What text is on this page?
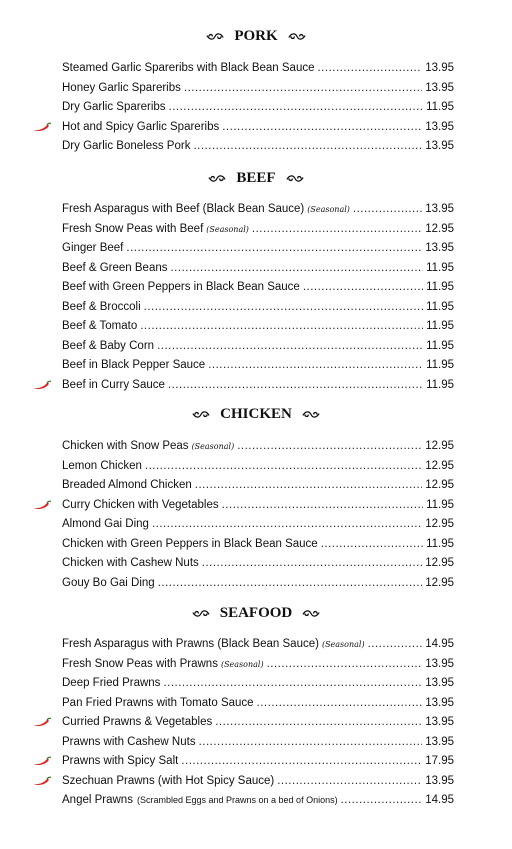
PORK
Steamed Garlic Spareribs with Black Bean Sauce .....	13.95
Honey Garlic Spareribs .....	13.95
Dry Garlic Spareribs .....	11.95
Hot and Spicy Garlic Spareribs .....	13.95
Dry Garlic Boneless Pork .....	13.95
BEEF
Fresh Asparagus with Beef (Black Bean Sauce) (Seasonal) .....	13.95
Fresh Snow Peas with Beef (Seasonal) .....	12.95
Ginger Beef .....	13.95
Beef & Green Beans .....	11.95
Beef with Green Peppers in Black Bean Sauce .....	11.95
Beef & Broccoli .....	11.95
Beef & Tomato .....	11.95
Beef & Baby Corn .....	11.95
Beef in Black Pepper Sauce .....	11.95
Beef in Curry Sauce .....	11.95
CHICKEN
Chicken with Snow Peas (Seasonal) .....	12.95
Lemon Chicken .....	12.95
Breaded Almond Chicken .....	12.95
Curry Chicken with Vegetables .....	11.95
Almond Gai Ding .....	12.95
Chicken with Green Peppers in Black Bean Sauce .....	11.95
Chicken with Cashew Nuts .....	12.95
Gouy Bo Gai Ding .....	12.95
SEAFOOD
Fresh Asparagus with Prawns (Black Bean Sauce) (Seasonal) .....	14.95
Fresh Snow Peas with Prawns (Seasonal) .....	13.95
Deep Fried Prawns .....	13.95
Pan Fried Prawns with Tomato Sauce .....	13.95
Curried Prawns & Vegetables .....	13.95
Prawns with Cashew Nuts .....	13.95
Prawns with Spicy Salt .....	17.95
Szechuan Prawns (with Hot Spicy Sauce) .....	13.95
Angel Prawns (Scrambled Eggs and Prawns on a bed of Onions) .....	14.95
